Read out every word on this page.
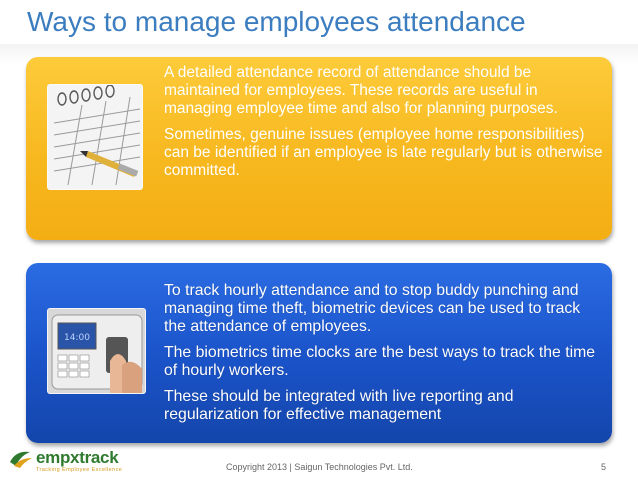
Ways to manage employees attendance

A detailed attendance record of attendance should be maintained for employees. These records are useful in managing employee time and also for planning purposes.

Sometimes, genuine issues (employee home responsibilities) can be identified if an employee is late regularly but is otherwise committed.

14:00

To track hourly attendance and to stop buddy punching and managing time theft, biometric devices can be used to track the attendance of employees.

The biometrics time clocks are the best ways to track the time of hourly workers.

These should be integrated with live reporting and regularization for effective management

empxtrack
Tracking Employee Excellence	Copyright 2013 | Saigun Technologies Pvt. Ltd.	5
